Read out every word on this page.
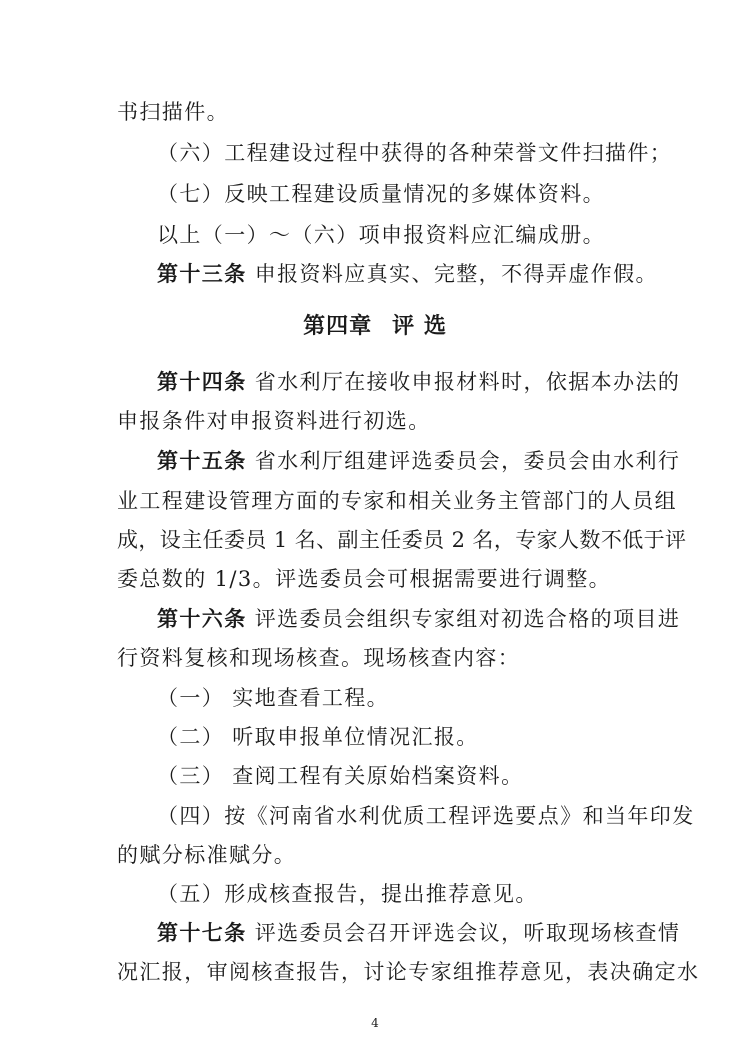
书扫描件。
（六）工程建设过程中获得的各种荣誉文件扫描件；
（七）反映工程建设质量情况的多媒体资料。
以上（一）～（六）项申报资料应汇编成册。
第十三条 申报资料应真实、完整，不得弄虚作假。
第四章 评 选
第十四条 省水利厅在接收申报材料时，依据本办法的
申报条件对申报资料进行初选。
第十五条 省水利厅组建评选委员会，委员会由水利行
业工程建设管理方面的专家和相关业务主管部门的人员组
成，设主任委员 1 名、副主任委员 2 名，专家人数不低于评
委总数的 1/3。评选委员会可根据需要进行调整。
第十六条 评选委员会组织专家组对初选合格的项目进
行资料复核和现场核查。现场核查内容：
（一） 实地查看工程。
（二） 听取申报单位情况汇报。
（三） 查阅工程有关原始档案资料。
（四）按《河南省水利优质工程评选要点》和当年印发
的赋分标准赋分。
（五）形成核查报告，提出推荐意见。
第十七条 评选委员会召开评选会议，听取现场核查情
况汇报，审阅核查报告，讨论专家组推荐意见，表决确定水
4
